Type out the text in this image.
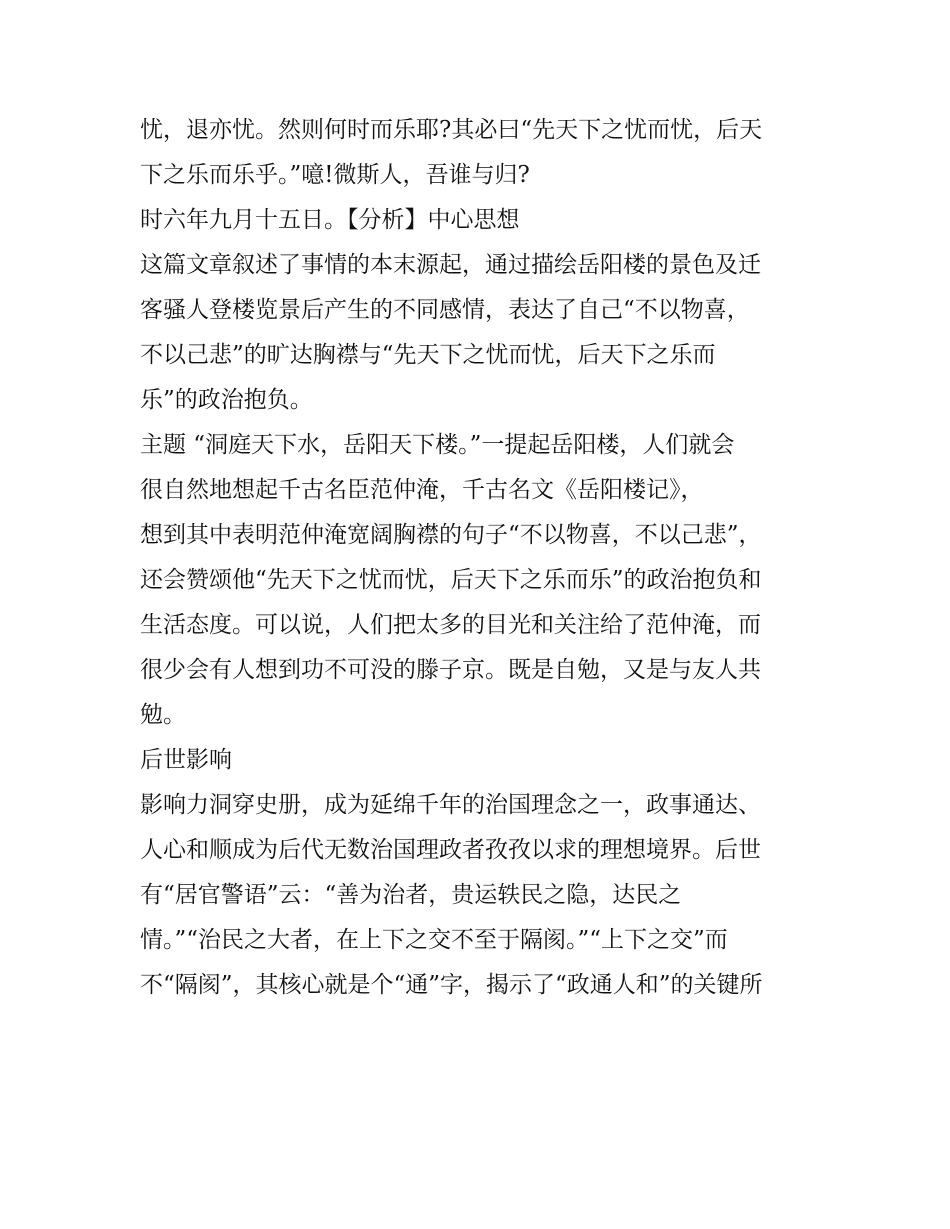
忧，退亦忧。然则何时而乐耶?其必曰“先天下之忧而忧，后天
下之乐而乐乎。”噫!微斯人，吾谁与归?
时六年九月十五日。【分析】中心思想
这篇文章叙述了事情的本末源起，通过描绘岳阳楼的景色及迁
客骚人登楼览景后产生的不同感情，表达了自己“不以物喜，
不以己悲”的旷达胸襟与“先天下之忧而忧，后天下之乐而
乐”的政治抱负。
主题 “洞庭天下水，岳阳天下楼。”一提起岳阳楼，人们就会
很自然地想起千古名臣范仲淹，千古名文《岳阳楼记》，
想到其中表明范仲淹宽阔胸襟的句子“不以物喜，不以己悲”，
还会赞颂他“先天下之忧而忧，后天下之乐而乐”的政治抱负和
生活态度。可以说，人们把太多的目光和关注给了范仲淹，而
很少会有人想到功不可没的滕子京。既是自勉，又是与友人共
勉。
后世影响
影响力洞穿史册，成为延绵千年的治国理念之一，政事通达、
人心和顺成为后代无数治国理政者孜孜以求的理想境界。后世
有“居官警语”云：“善为治者，贵运轶民之隐，达民之
情。”“治民之大者，在上下之交不至于隔阂。”“上下之交”而
不“隔阂”，其核心就是个“通”字，揭示了“政通人和”的关键所
